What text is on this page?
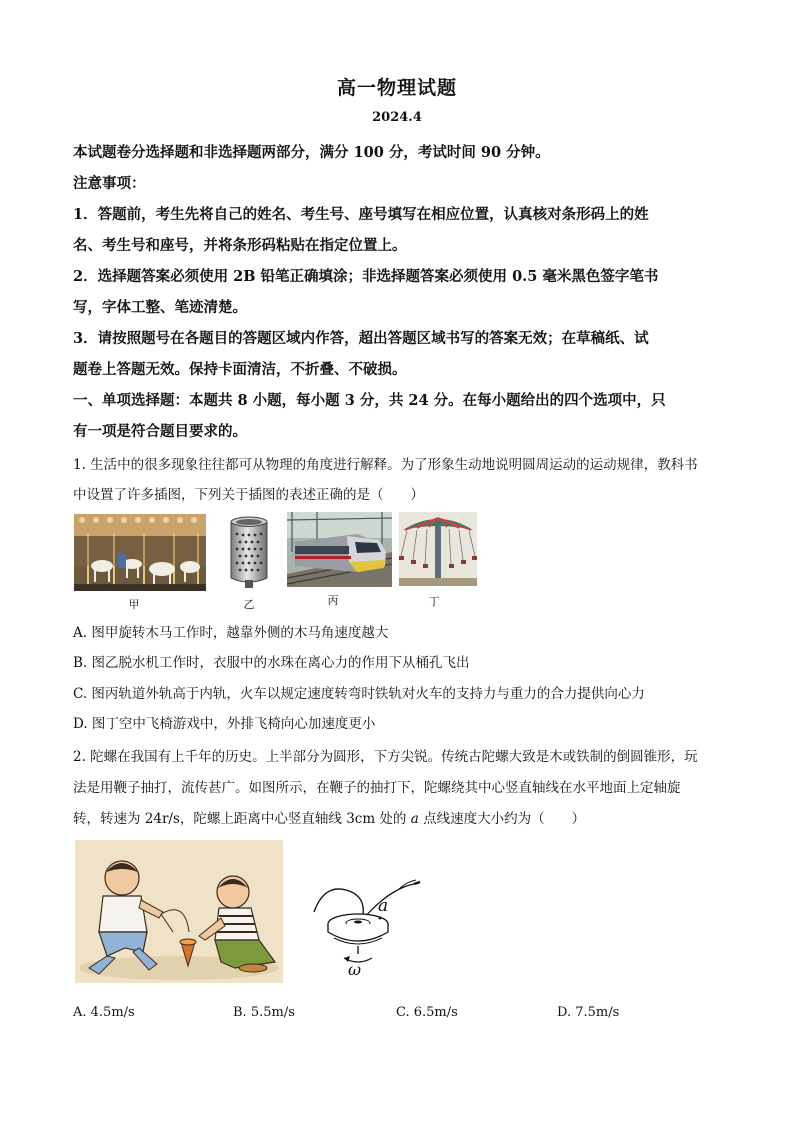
高一物理试题
2024.4
本试题卷分选择题和非选择题两部分，满分 100 分，考试时间 90 分钟。
注意事项：
1．答题前，考生先将自己的姓名、考生号、座号填写在相应位置，认真核对条形码上的姓
名、考生号和座号，并将条形码粘贴在指定位置上。
2．选择题答案必须使用 2B 铅笔正确填涂；非选择题答案必须使用 0.5 毫米黑色签字笔书
写，字体工整、笔迹清楚。
3．请按照题号在各题目的答题区域内作答，超出答题区域书写的答案无效；在草稿纸、试
题卷上答题无效。保持卡面清洁，不折叠、不破损。
一、单项选择题：本题共 8 小题，每小题 3 分，共 24 分。在每小题给出的四个选项中，只
有一项是符合题目要求的。
1. 生活中的很多现象往往都可从物理的角度进行解释。为了形象生动地说明圆周运动的运动规律，教科书
中设置了许多插图，下列关于插图的表述正确的是（　　）
甲	乙	丙	丁
A. 图甲旋转木马工作时，越靠外侧的木马角速度越大
B. 图乙脱水机工作时，衣服中的水珠在离心力的作用下从桶孔飞出
C. 图丙轨道外轨高于内轨，火车以规定速度转弯时铁轨对火车的支持力与重力的合力提供向心力
D. 图丁空中飞椅游戏中，外排飞椅向心加速度更小
2. 陀螺在我国有上千年的历史。上半部分为圆形，下方尖锐。传统古陀螺大致是木或铁制的倒圆锥形，玩
法是用鞭子抽打，流传甚广。如图所示，在鞭子的抽打下，陀螺绕其中心竖直轴线在水平地面上定轴旋
转，转速为 24r/s，陀螺上距离中心竖直轴线 3cm 处的 a 点线速度大小约为（　　）
a
ω
A. 4.5m/s	B. 5.5m/s	C. 6.5m/s	D. 7.5m/s
